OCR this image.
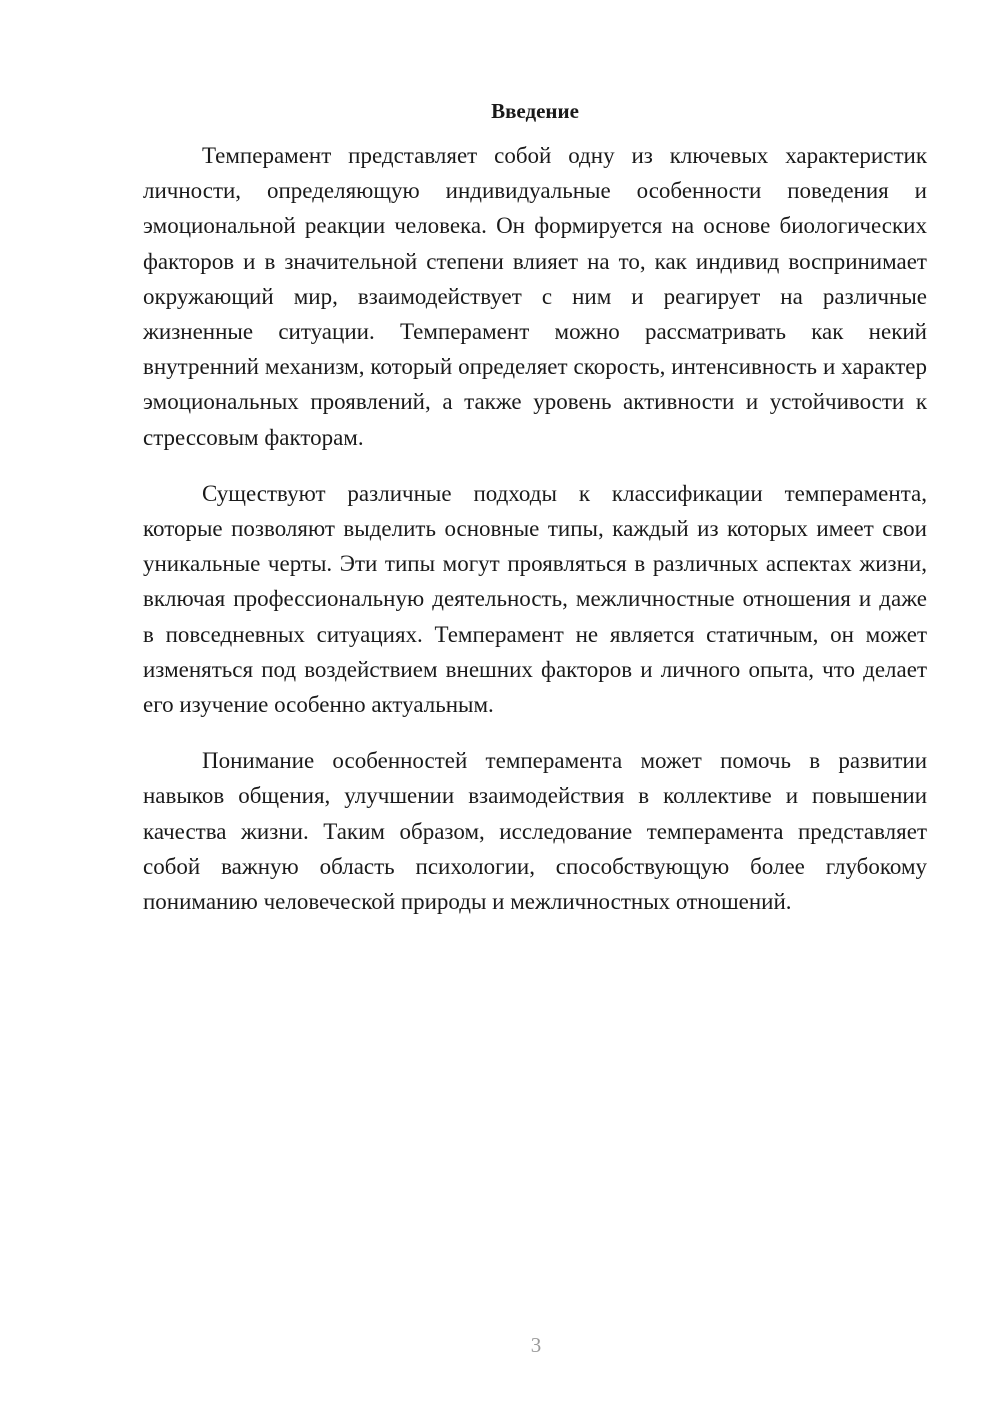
Введение

Темперамент представляет собой одну из ключевых характеристик личности, определяющую индивидуальные особенности поведения и эмоциональной реакции человека. Он формируется на основе биологических факторов и в значительной степени влияет на то, как индивид воспринимает окружающий мир, взаимодействует с ним и реагирует на различные жизненные ситуации. Темперамент можно рассматривать как некий внутренний механизм, который определяет скорость, интенсивность и характер эмоциональных проявлений, а также уровень активности и устойчивости к стрессовым факторам.

Существуют различные подходы к классификации темперамента, которые позволяют выделить основные типы, каждый из которых имеет свои уникальные черты. Эти типы могут проявляться в различных аспектах жизни, включая профессиональную деятельность, межличностные отношения и даже в повседневных ситуациях. Темперамент не является статичным, он может изменяться под воздействием внешних факторов и личного опыта, что делает его изучение особенно актуальным.

Понимание особенностей темперамента может помочь в развитии навыков общения, улучшении взаимодействия в коллективе и повышении качества жизни. Таким образом, исследование темперамента представляет собой важную область психологии, способствующую более глубокому пониманию человеческой природы и межличностных отношений.

3
